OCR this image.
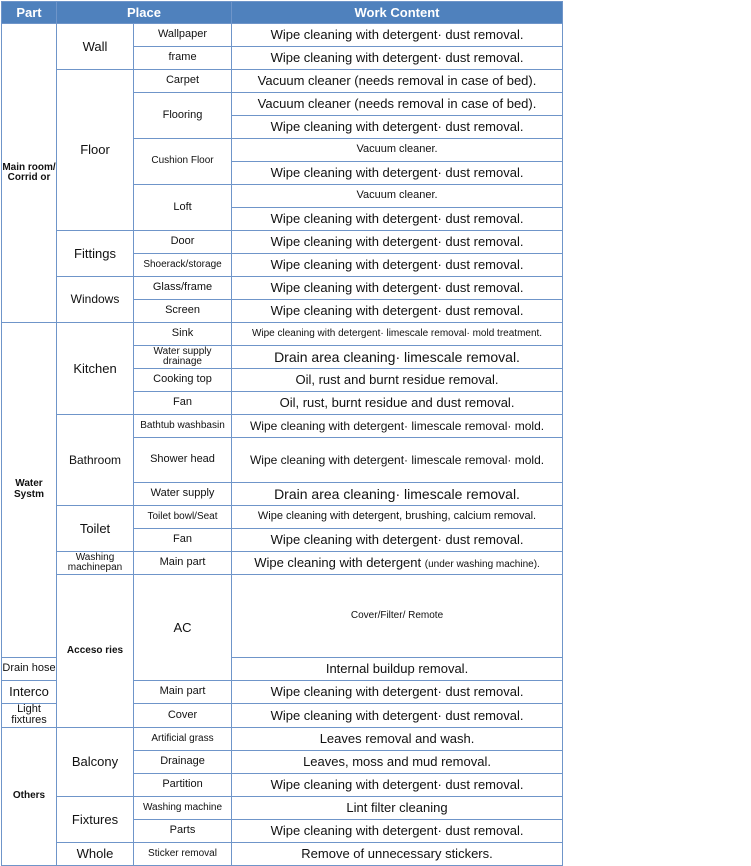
Part	Place		Work Content	
Main room/ Corrid or	Wall	Wallpaper	Wipe cleaning with detergent· dust removal.	
		frame	Wipe cleaning with detergent· dust removal.	
	Floor	Carpet	Vacuum cleaner (needs removal in case of bed).	
		Flooring	Vacuum cleaner (needs removal in case of bed).	
			Wipe cleaning with detergent· dust removal.	
		Cushion Floor	Vacuum cleaner.	
			Wipe cleaning with detergent· dust removal.	
		Loft	Vacuum cleaner.	
			Wipe cleaning with detergent· dust removal.	
	Fittings	Door	Wipe cleaning with detergent· dust removal.	
		Shoerack/storage	Wipe cleaning with detergent· dust removal.	
	Windows	Glass/frame	Wipe cleaning with detergent· dust removal.	
		Screen	Wipe cleaning with detergent· dust removal.	
Water Systm	Kitchen	Sink	Wipe cleaning with detergent· limescale removal· mold treatment.	
		Water supply drainage	Drain area cleaning· limescale removal.	
		Cooking top	Oil, rust and burnt residue removal.	
		Fan	Oil, rust, burnt residue and dust removal.	
	Bathroom	Bathtub washbasin	Wipe cleaning with detergent· limescale removal· mold.	
		Shower head	Wipe cleaning with detergent· limescale removal· mold.	
		Water supply	Drain area cleaning· limescale removal.	
	Toilet	Toilet bowl/Seat	Wipe cleaning with detergent, brushing, calcium removal.	
		Fan	Wipe cleaning with detergent· dust removal.	
	Washing machinepan	Main part	Wipe cleaning with detergent (under washing machine).	
	Acceso ries	AC	Cover/Filter/ Remote	
Drain hose			Internal buildup removal.	
Interco		Main part	Wipe cleaning with detergent· dust removal.	
Light fixtures		Cover	Wipe cleaning with detergent· dust removal.	
Others	Balcony	Artificial grass	Leaves removal and wash.	
		Drainage	Leaves, moss and mud removal.	
		Partition	Wipe cleaning with detergent· dust removal.	
	Fixtures	Washing machine	Lint filter cleaning	
		Parts	Wipe cleaning with detergent· dust removal.	
	Whole	Sticker removal	Remove of unnecessary stickers.	
